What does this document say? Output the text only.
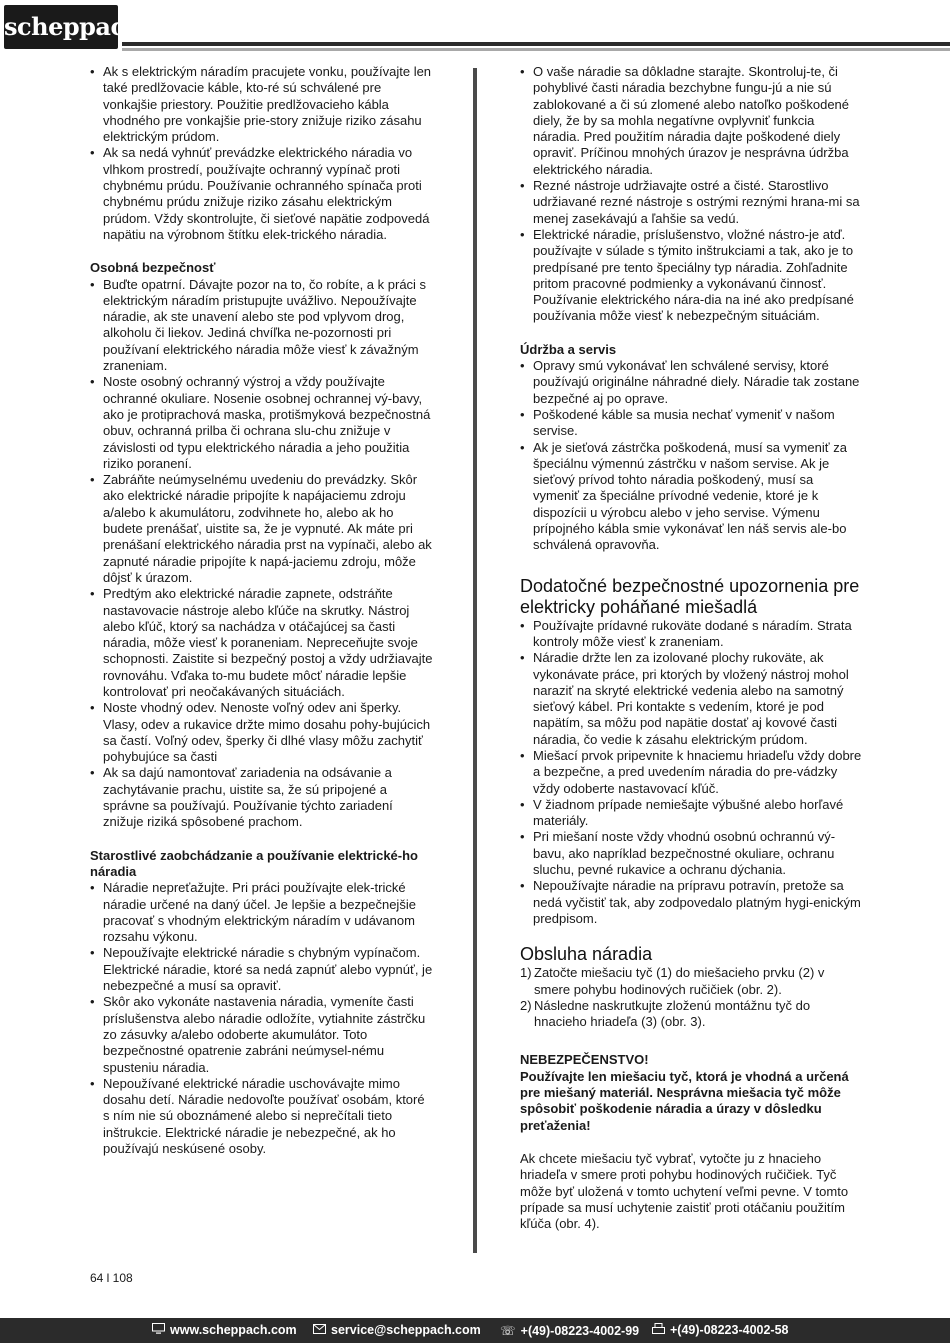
scheppach
• Ak s elektrickým náradím pracujete vonku, používajte len také predlžovacie káble, kto-ré sú schválené pre vonkajšie priestory. Použitie predlžovacieho kábla vhodného pre vonkajšie prie-story znižuje riziko zásahu elektrickým prúdom.
• Ak sa nedá vyhnúť prevádzke elektrického náradia vo vlhkom prostredí, používajte ochranný vypínač proti chybnému prúdu. Používanie ochranného spínača proti chybnému prúdu znižuje riziko zásahu elektrickým prúdom. Vždy skontrolujte, či sieťové napätie zodpovedá napätiu na výrobnom štítku elek-trického náradia.
Osobná bezpečnosť
• Buďte opatrní. Dávajte pozor na to, čo robíte, a k práci s elektrickým náradím pristupujte uvážlivo. Nepoužívajte náradie, ak ste unavení alebo ste pod vplyvom drog, alkoholu či liekov. Jediná chvíľka ne-pozornosti pri používaní elektrického náradia môže viesť k závažným zraneniam.
• Noste osobný ochranný výstroj a vždy používajte ochranné okuliare. Nosenie osobnej ochrannej vý-bavy, ako je protiprachová maska, protišmyková bezpečnostná obuv, ochranná prilba či ochrana slu-chu znižuje v závislosti od typu elektrického náradia a jeho použitia riziko poranení.
• Zabráňte neúmyselnému uvedeniu do prevádzky. Skôr ako elektrické náradie pripojíte k napájaciemu zdroju a/alebo k akumulátoru, zodvihnete ho, alebo ak ho budete prenášať, uistite sa, že je vypnuté. Ak máte pri prenášaní elektrického náradia prst na vypínači, alebo ak zapnuté náradie pripojíte k napá-jaciemu zdroju, môže dôjsť k úrazom.
• Predtým ako elektrické náradie zapnete, odstráňte nastavovacie nástroje alebo kľúče na skrutky. Nástroj alebo kľúč, ktorý sa nachádza v otáčajúcej sa časti náradia, môže viesť k poraneniam. Nepreceňujte svoje schopnosti. Zaistite si bezpečný postoj a vždy udržiavajte rovnováhu. Vďaka to-mu budete môcť náradie lepšie kontrolovať pri neočakávaných situáciách.
• Noste vhodný odev. Nenoste voľný odev ani šperky. Vlasy, odev a rukavice držte mimo dosahu pohy-bujúcich sa častí. Voľný odev, šperky či dlhé vlasy môžu zachytiť pohybujúce sa časti
• Ak sa dajú namontovať zariadenia na odsávanie a zachytávanie prachu, uistite sa, že sú pripojené a správne sa používajú. Používanie týchto zariadení znižuje riziká spôsobené prachom.
Starostlivé zaobchádzanie a používanie elektrické-ho náradia
• Náradie nepreťažujte. Pri práci používajte elek-trické náradie určené na daný účel. Je lepšie a bezpečnejšie pracovať s vhodným elektrickým náradím v udávanom rozsahu výkonu.
• Nepoužívajte elektrické náradie s chybným vypínačom. Elektrické náradie, ktoré sa nedá zapnúť alebo vypnúť, je nebezpečné a musí sa opraviť.
• Skôr ako vykonáte nastavenia náradia, vymeníte časti príslušenstva alebo náradie odložíte, vytiahnite zástrčku zo zásuvky a/alebo odoberte akumulátor. Toto bezpečnostné opatrenie zabráni neúmysel-nému spusteniu náradia.
• Nepoužívané elektrické náradie uschovávajte mimo dosahu detí. Náradie nedovoľte používať osobám, ktoré s ním nie sú oboznámené alebo si neprečítali tieto inštrukcie. Elektrické náradie je nebezpečné, ak ho používajú neskúsené osoby.
• O vaše náradie sa dôkladne starajte. Skontroluj-te, či pohyblivé časti náradia bezchybne fungu-jú a nie sú zablokované a či sú zlomené alebo natoľko poškodené diely, že by sa mohla negatívne ovplyvniť funkcia náradia. Pred použitím náradia dajte poškodené diely opraviť. Príčinou mnohých úrazov je nesprávna údržba elektrického náradia.
• Rezné nástroje udržiavajte ostré a čisté. Starostlivo udržiavané rezné nástroje s ostrými reznými hrana-mi sa menej zasekávajú a ľahšie sa vedú.
• Elektrické náradie, príslušenstvo, vložné nástro-je atď. používajte v súlade s týmito inštrukciami a tak, ako je to predpísané pre tento špeciálny typ náradia. Zohľadnite pritom pracovné podmienky a vykonávanú činnosť. Používanie elektrického nára-dia na iné ako predpísané používania môže viesť k nebezpečným situáciám.
Údržba a servis
• Opravy smú vykonávať len schválené servisy, ktoré používajú originálne náhradné diely. Náradie tak zostane bezpečné aj po oprave.
• Poškodené káble sa musia nechať vymeniť v našom servise.
• Ak je sieťová zástrčka poškodená, musí sa vymeniť za špeciálnu výmennú zástrčku v našom servise. Ak je sieťový prívod tohto náradia poškodený, musí sa vymeniť za špeciálne prívodné vedenie, ktoré je k dispozícii u výrobcu alebo v jeho servise. Výmenu prípojného kábla smie vykonávať len náš servis ale-bo schválená opravovňa.
Dodatočné bezpečnostné upozornenia pre elektricky poháňané miešadlá
• Používajte prídavné rukoväte dodané s náradím. Strata kontroly môže viesť k zraneniam.
• Náradie držte len za izolované plochy rukoväte, ak vykonávate práce, pri ktorých by vložený nástroj mohol naraziť na skryté elektrické vedenia alebo na samotný sieťový kábel. Pri kontakte s vedením, ktoré je pod napätím, sa môžu pod napätie dostať aj kovové časti náradia, čo vedie k zásahu elektrickým prúdom.
• Miešací prvok pripevnite k hnaciemu hriadeľu vždy dobre a bezpečne, a pred uvedením náradia do pre-vádzky vždy odoberte nastavovací kľúč.
• V žiadnom prípade nemiešajte výbušné alebo horľavé materiály.
• Pri miešaní noste vždy vhodnú osobnú ochrannú vý-bavu, ako napríklad bezpečnostné okuliare, ochranu sluchu, pevné rukavice a ochranu dýchania.
• Nepoužívajte náradie na prípravu potravín, pretože sa nedá vyčistiť tak, aby zodpovedalo platným hygi-enickým predpisom.
Obsluha náradia
1) Zatočte miešaciu tyč (1) do miešacieho prvku (2) v smere pohybu hodinových ručičiek (obr. 2).
2) Následne naskrutkujte zloženú montážnu tyč do hnacieho hriadeľa (3) (obr. 3).

NEBEZPEČENSTVO!

Používajte len miešaciu tyč, ktorá je vhodná a určená pre miešaný materiál. Nesprávna miešacia tyč môže spôsobiť poškodenie náradia a úrazy v dôsledku preťaženia!

Ak chcete miešaciu tyč vybrať, vytočte ju z hnacieho hriadeľa v smere proti pohybu hodinových ručičiek. Tyč môže byť uložená v tomto uchytení veľmi pevne. V tomto prípade sa musí uchytenie zaistiť proti otáčaniu použitím kľúča (obr. 4).

64 l 108
www.scheppach.com	service@scheppach.com ☏ +(49)-08223-4002-99	+(49)-08223-4002-58
